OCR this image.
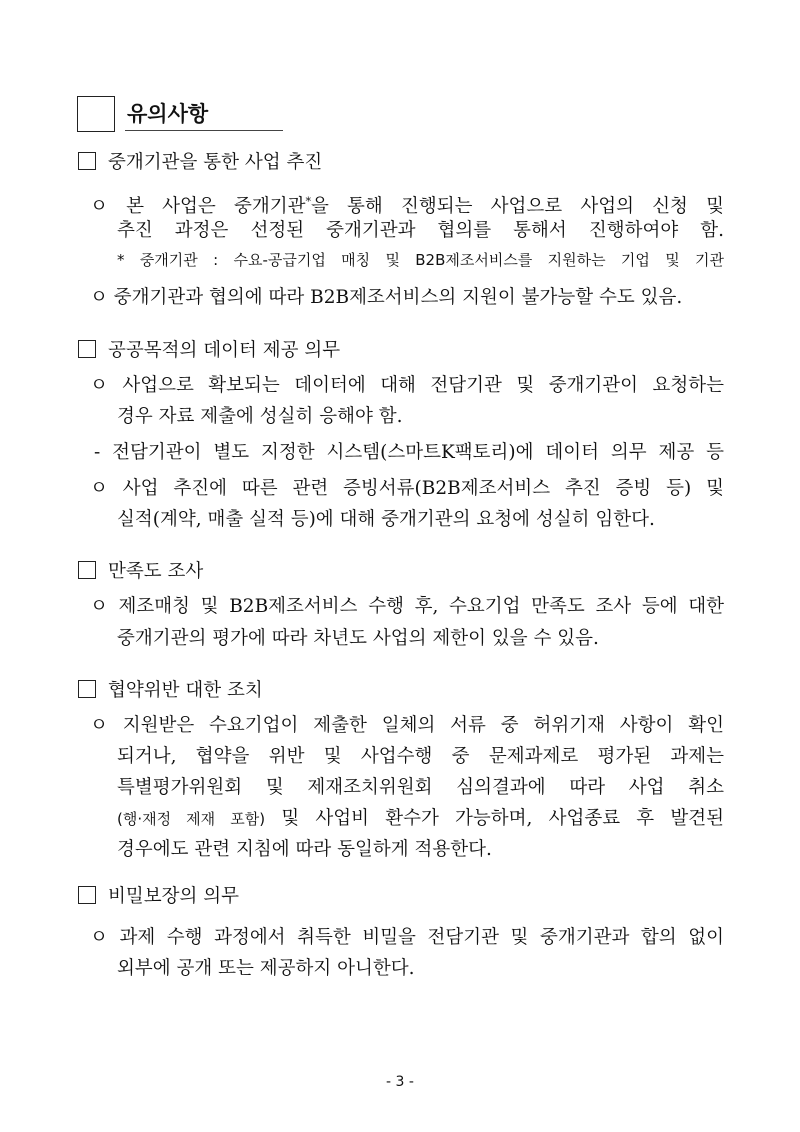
유의사항
중개기관을 통한 사업 추진
ㅇ 본 사업은 중개기관*을 통해 진행되는 사업으로 사업의 신청 및
추진 과정은 선정된 중개기관과 협의를 통해서 진행하여야 함.
* 중개기관 : 수요-공급기업 매칭 및 B2B제조서비스를 지원하는 기업 및 기관
ㅇ 중개기관과 협의에 따라 B2B제조서비스의 지원이 불가능할 수도 있음.
공공목적의 데이터 제공 의무
ㅇ 사업으로 확보되는 데이터에 대해 전담기관 및 중개기관이 요청하는
경우 자료 제출에 성실히 응해야 함.
- 전담기관이 별도 지정한 시스템(스마트K팩토리)에 데이터 의무 제공 등
ㅇ 사업 추진에 따른 관련 증빙서류(B2B제조서비스 추진 증빙 등) 및
실적(계약, 매출 실적 등)에 대해 중개기관의 요청에 성실히 임한다.
만족도 조사
ㅇ 제조매칭 및 B2B제조서비스 수행 후, 수요기업 만족도 조사 등에 대한
중개기관의 평가에 따라 차년도 사업의 제한이 있을 수 있음.
협약위반 대한 조치
ㅇ 지원받은 수요기업이 제출한 일체의 서류 중 허위기재 사항이 확인
되거나, 협약을 위반 및 사업수행 중 문제과제로 평가된 과제는
특별평가위원회 및 제재조치위원회 심의결과에 따라 사업 취소
(행·재정 제재 포함) 및 사업비 환수가 가능하며, 사업종료 후 발견된
경우에도 관련 지침에 따라 동일하게 적용한다.
비밀보장의 의무
ㅇ 과제 수행 과정에서 취득한 비밀을 전담기관 및 중개기관과 합의 없이
외부에 공개 또는 제공하지 아니한다.
- 3 -
